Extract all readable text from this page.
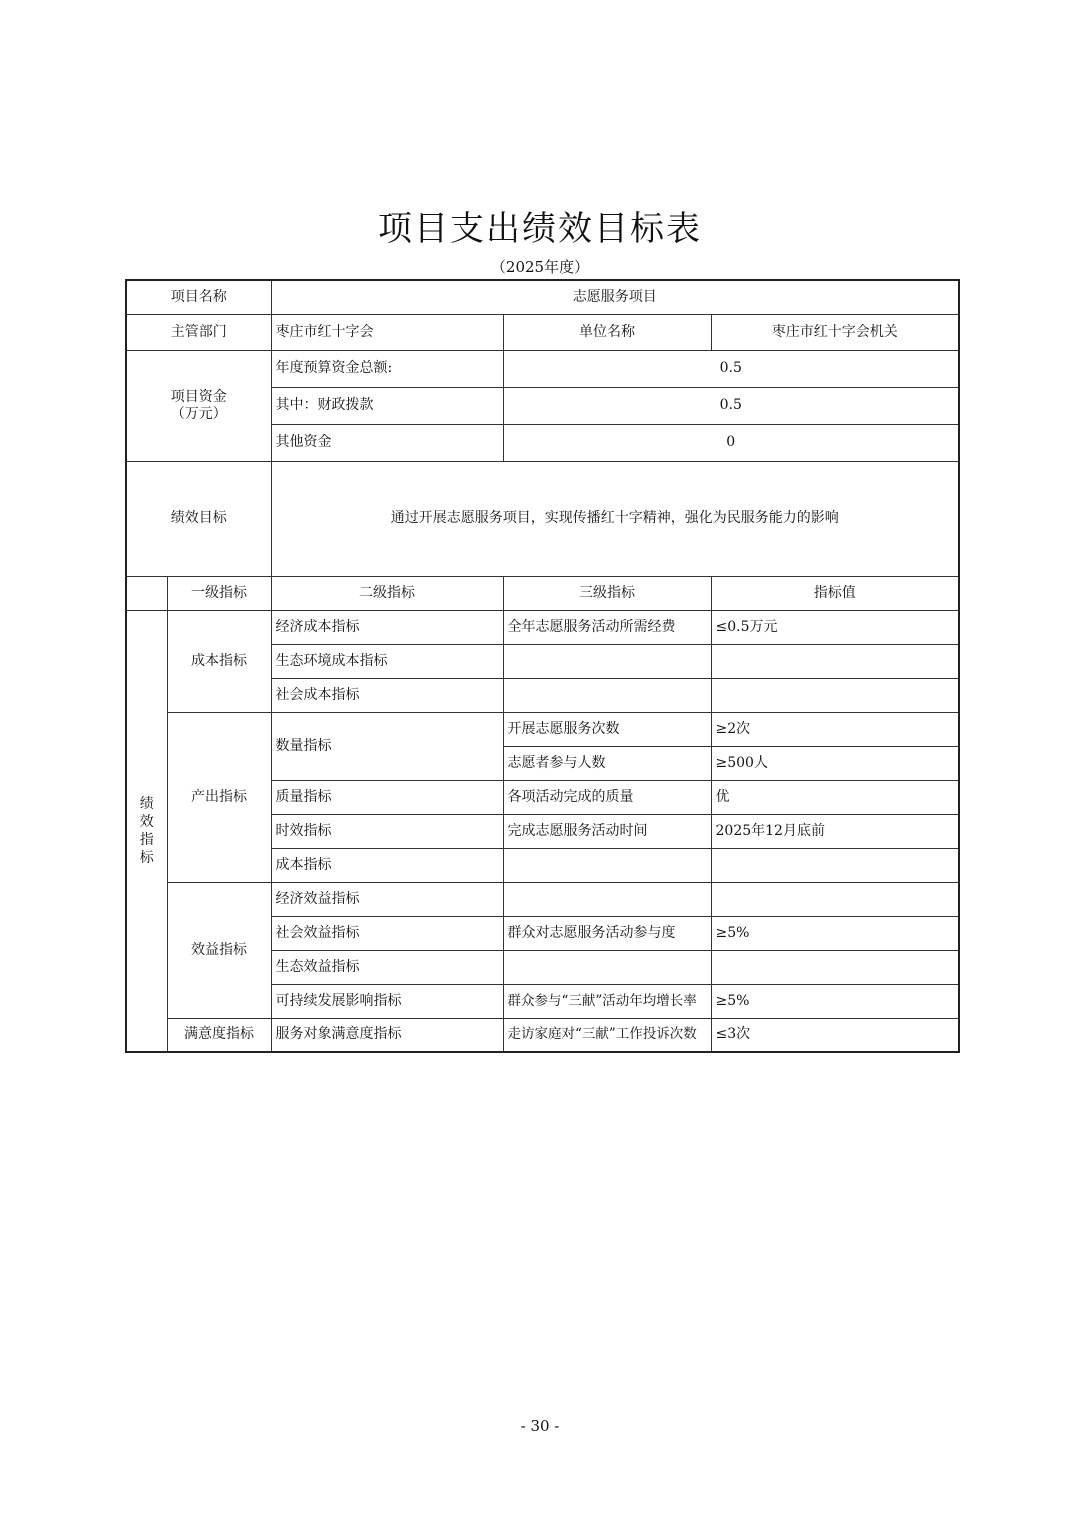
项目支出绩效目标表
（2025年度）
项目名称		志愿服务项目		
主管部门		枣庄市红十字会	单位名称	枣庄市红十字会机关

项目资金
（万元）		年度预算资金总额:	0.5	
		其中：财政拨款	0.5	
		其他资金	0	
绩效目标		通过开展志愿服务项目，实现传播红十字精神，强化为民服务能力的影响		
	一级指标	二级指标	三级指标	指标值

绩效指标	成本指标	经济成本指标	全年志愿服务活动所需经费	≤0.5万元
		生态环境成本指标		
		社会成本指标		
	产出指标	数量指标	开展志愿服务次数	≥2次
			志愿者参与人数	≥500人
		质量指标	各项活动完成的质量	优
		时效指标	完成志愿服务活动时间	2025年12月底前
		成本指标		
	效益指标	经济效益指标		
		社会效益指标	群众对志愿服务活动参与度	≥5%
		生态效益指标		
		可持续发展影响指标	群众参与“三献”活动年均增长率	≥5%
	满意度指标	服务对象满意度指标	走访家庭对“三献”工作投诉次数	≤3次
- 30 -
